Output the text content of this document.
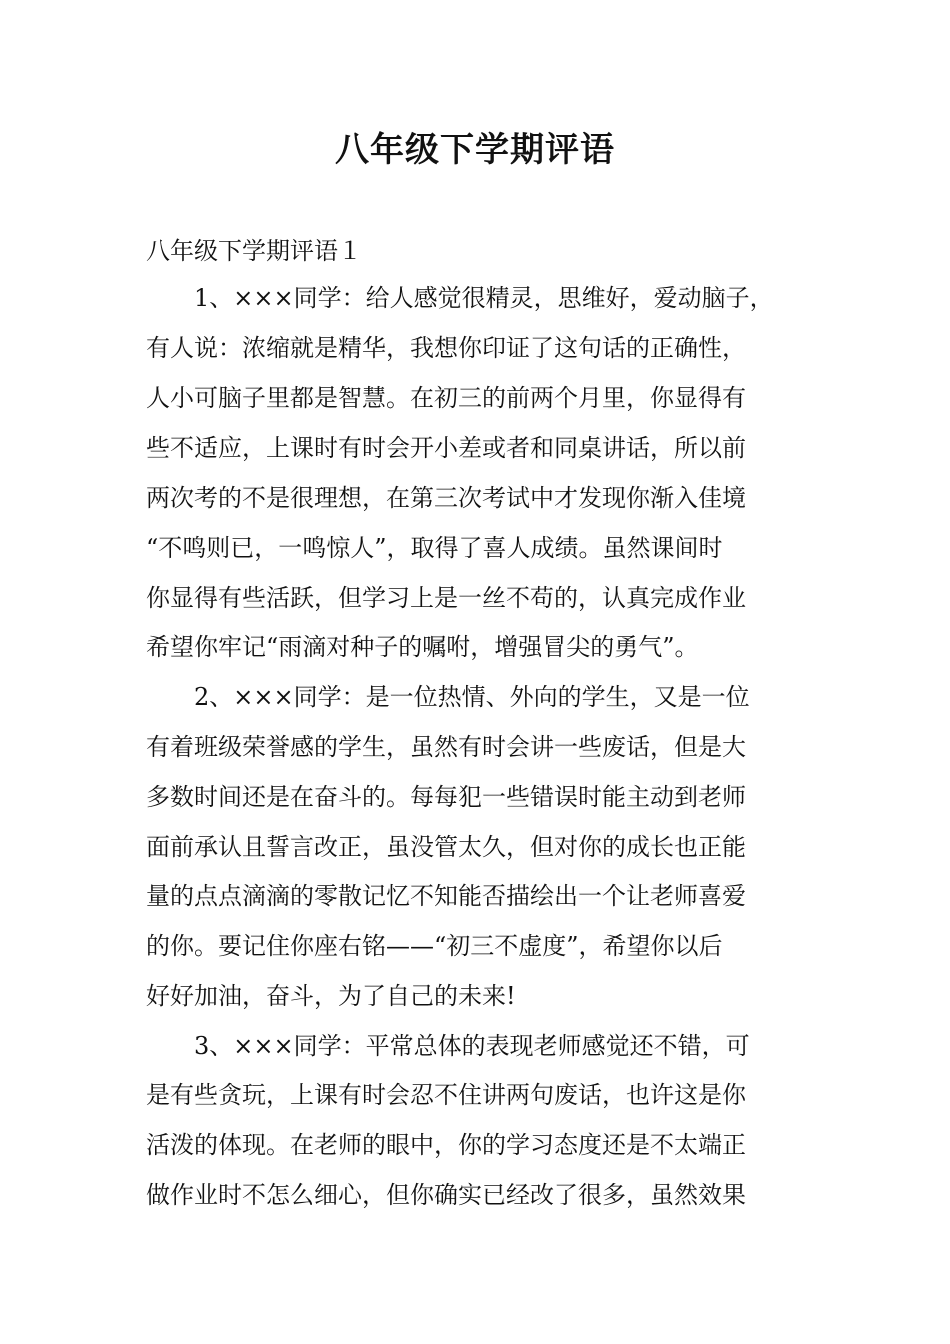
八年级下学期评语
八年级下学期评语１
1、×××同学：给人感觉很精灵，思维好，爱动脑子，
有人说：浓缩就是精华，我想你印证了这句话的正确性，
人小可脑子里都是智慧。在初三的前两个月里，你显得有
些不适应，上课时有时会开小差或者和同桌讲话，所以前
两次考的不是很理想，在第三次考试中才发现你渐入佳境
“不鸣则已，一鸣惊人”，取得了喜人成绩。虽然课间时
你显得有些活跃，但学习上是一丝不苟的，认真完成作业
希望你牢记“雨滴对种子的嘱咐，增强冒尖的勇气”。
2、×××同学：是一位热情、外向的学生，又是一位
有着班级荣誉感的学生，虽然有时会讲一些废话，但是大
多数时间还是在奋斗的。每每犯一些错误时能主动到老师
面前承认且誓言改正，虽没管太久，但对你的成长也正能
量的点点滴滴的零散记忆不知能否描绘出一个让老师喜爱
的你。要记住你座右铭——“初三不虚度”，希望你以后
好好加油，奋斗，为了自己的未来!
3、×××同学：平常总体的表现老师感觉还不错，可
是有些贪玩，上课有时会忍不住讲两句废话，也许这是你
活泼的体现。在老师的眼中，你的学习态度还是不太端正
做作业时不怎么细心，但你确实已经改了很多，虽然效果
